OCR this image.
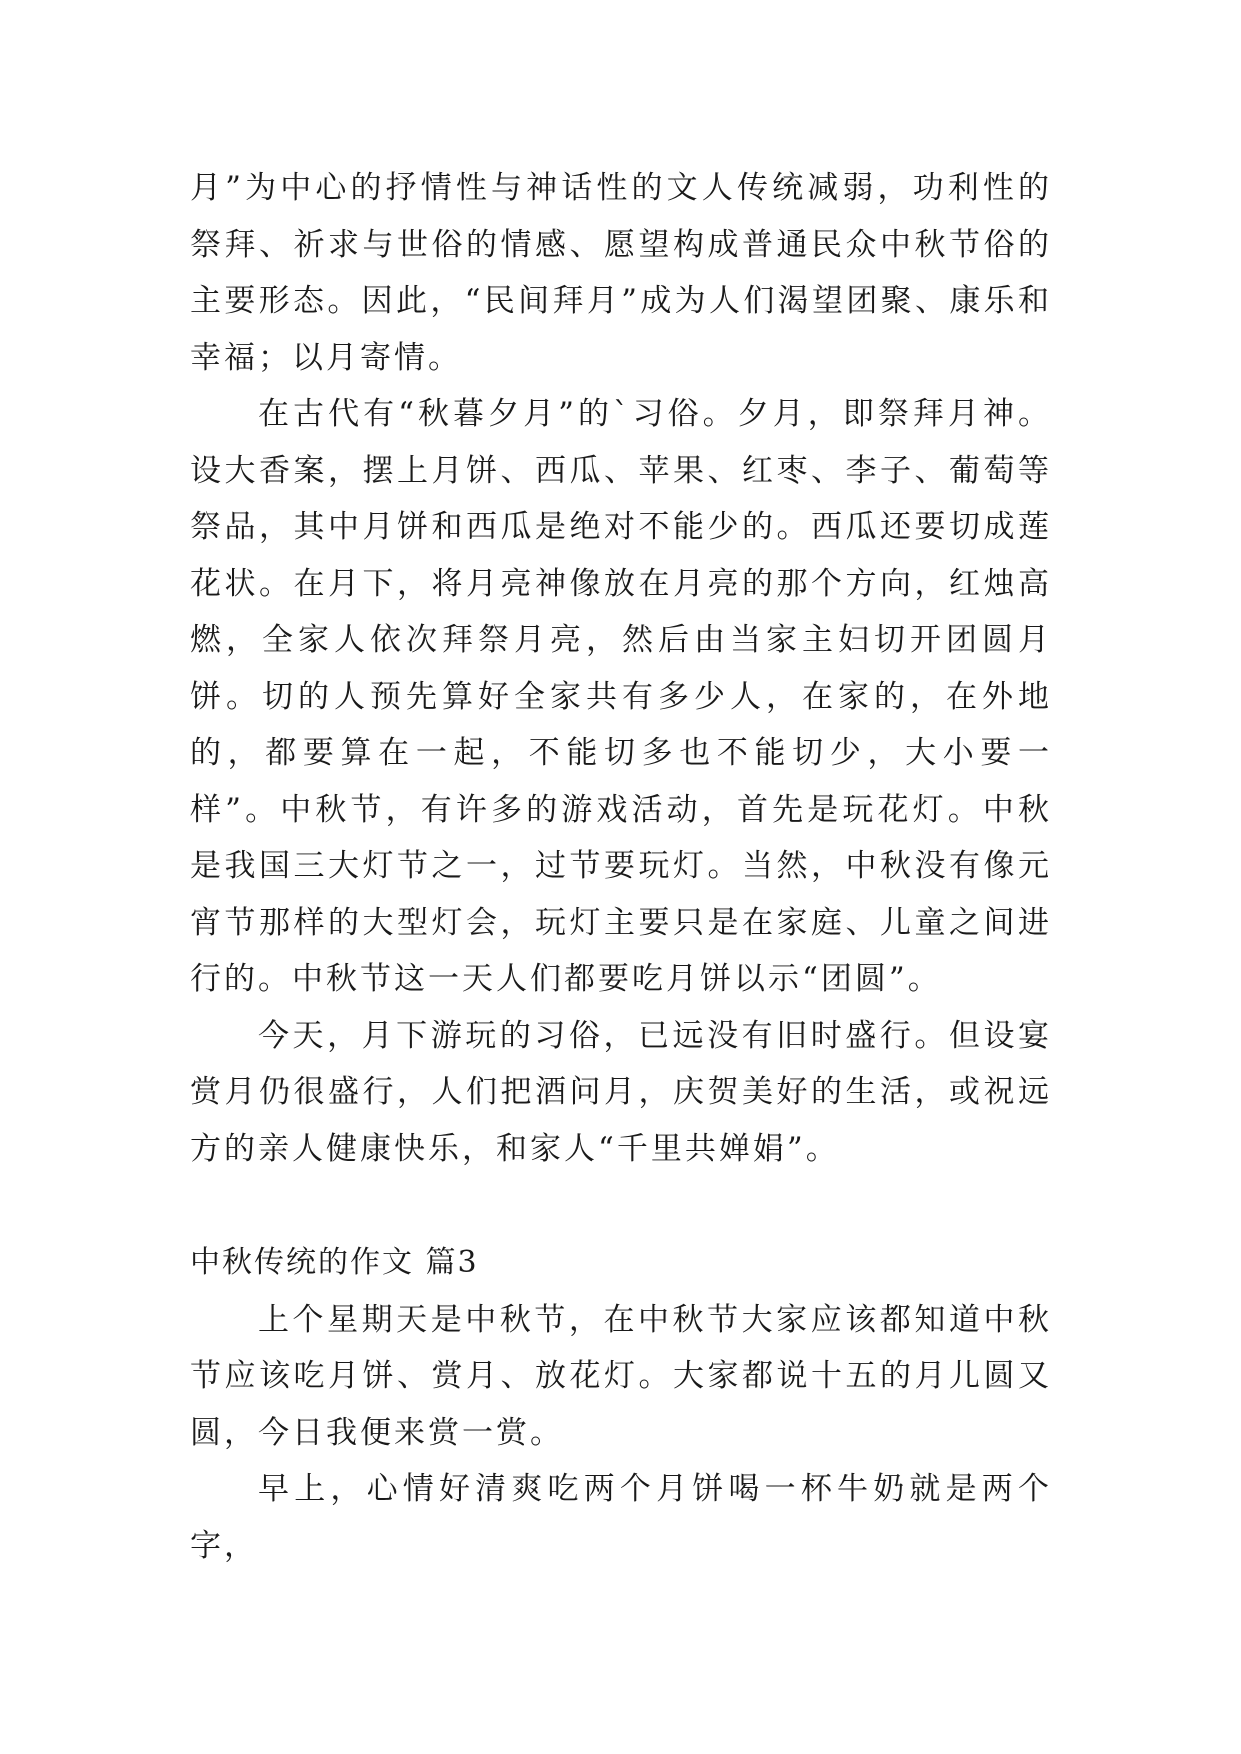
月”为中心的抒情性与神话性的文人传统减弱，功利性的祭拜、祈求与世俗的情感、愿望构成普通民众中秋节俗的主要形态。因此，“民间拜月”成为人们渴望团聚、康乐和幸福；以月寄情。

在古代有“秋暮夕月”的`习俗。夕月，即祭拜月神。设大香案，摆上月饼、西瓜、苹果、红枣、李子、葡萄等祭品，其中月饼和西瓜是绝对不能少的。西瓜还要切成莲花状。在月下，将月亮神像放在月亮的那个方向，红烛高燃，全家人依次拜祭月亮，然后由当家主妇切开团圆月饼。切的人预先算好全家共有多少人，在家的，在外地的，都要算在一起，不能切多也不能切少，大小要一样”。中秋节，有许多的游戏活动，首先是玩花灯。中秋是我国三大灯节之一，过节要玩灯。当然，中秋没有像元宵节那样的大型灯会，玩灯主要只是在家庭、儿童之间进行的。中秋节这一天人们都要吃月饼以示“团圆”。

今天，月下游玩的习俗，已远没有旧时盛行。但设宴赏月仍很盛行，人们把酒问月，庆贺美好的生活，或祝远方的亲人健康快乐，和家人“千里共婵娟”。

中秋传统的作文 篇3

上个星期天是中秋节，在中秋节大家应该都知道中秋节应该吃月饼、赏月、放花灯。大家都说十五的月儿圆又圆，今日我便来赏一赏。

早上，心情好清爽吃两个月饼喝一杯牛奶就是两个字，
